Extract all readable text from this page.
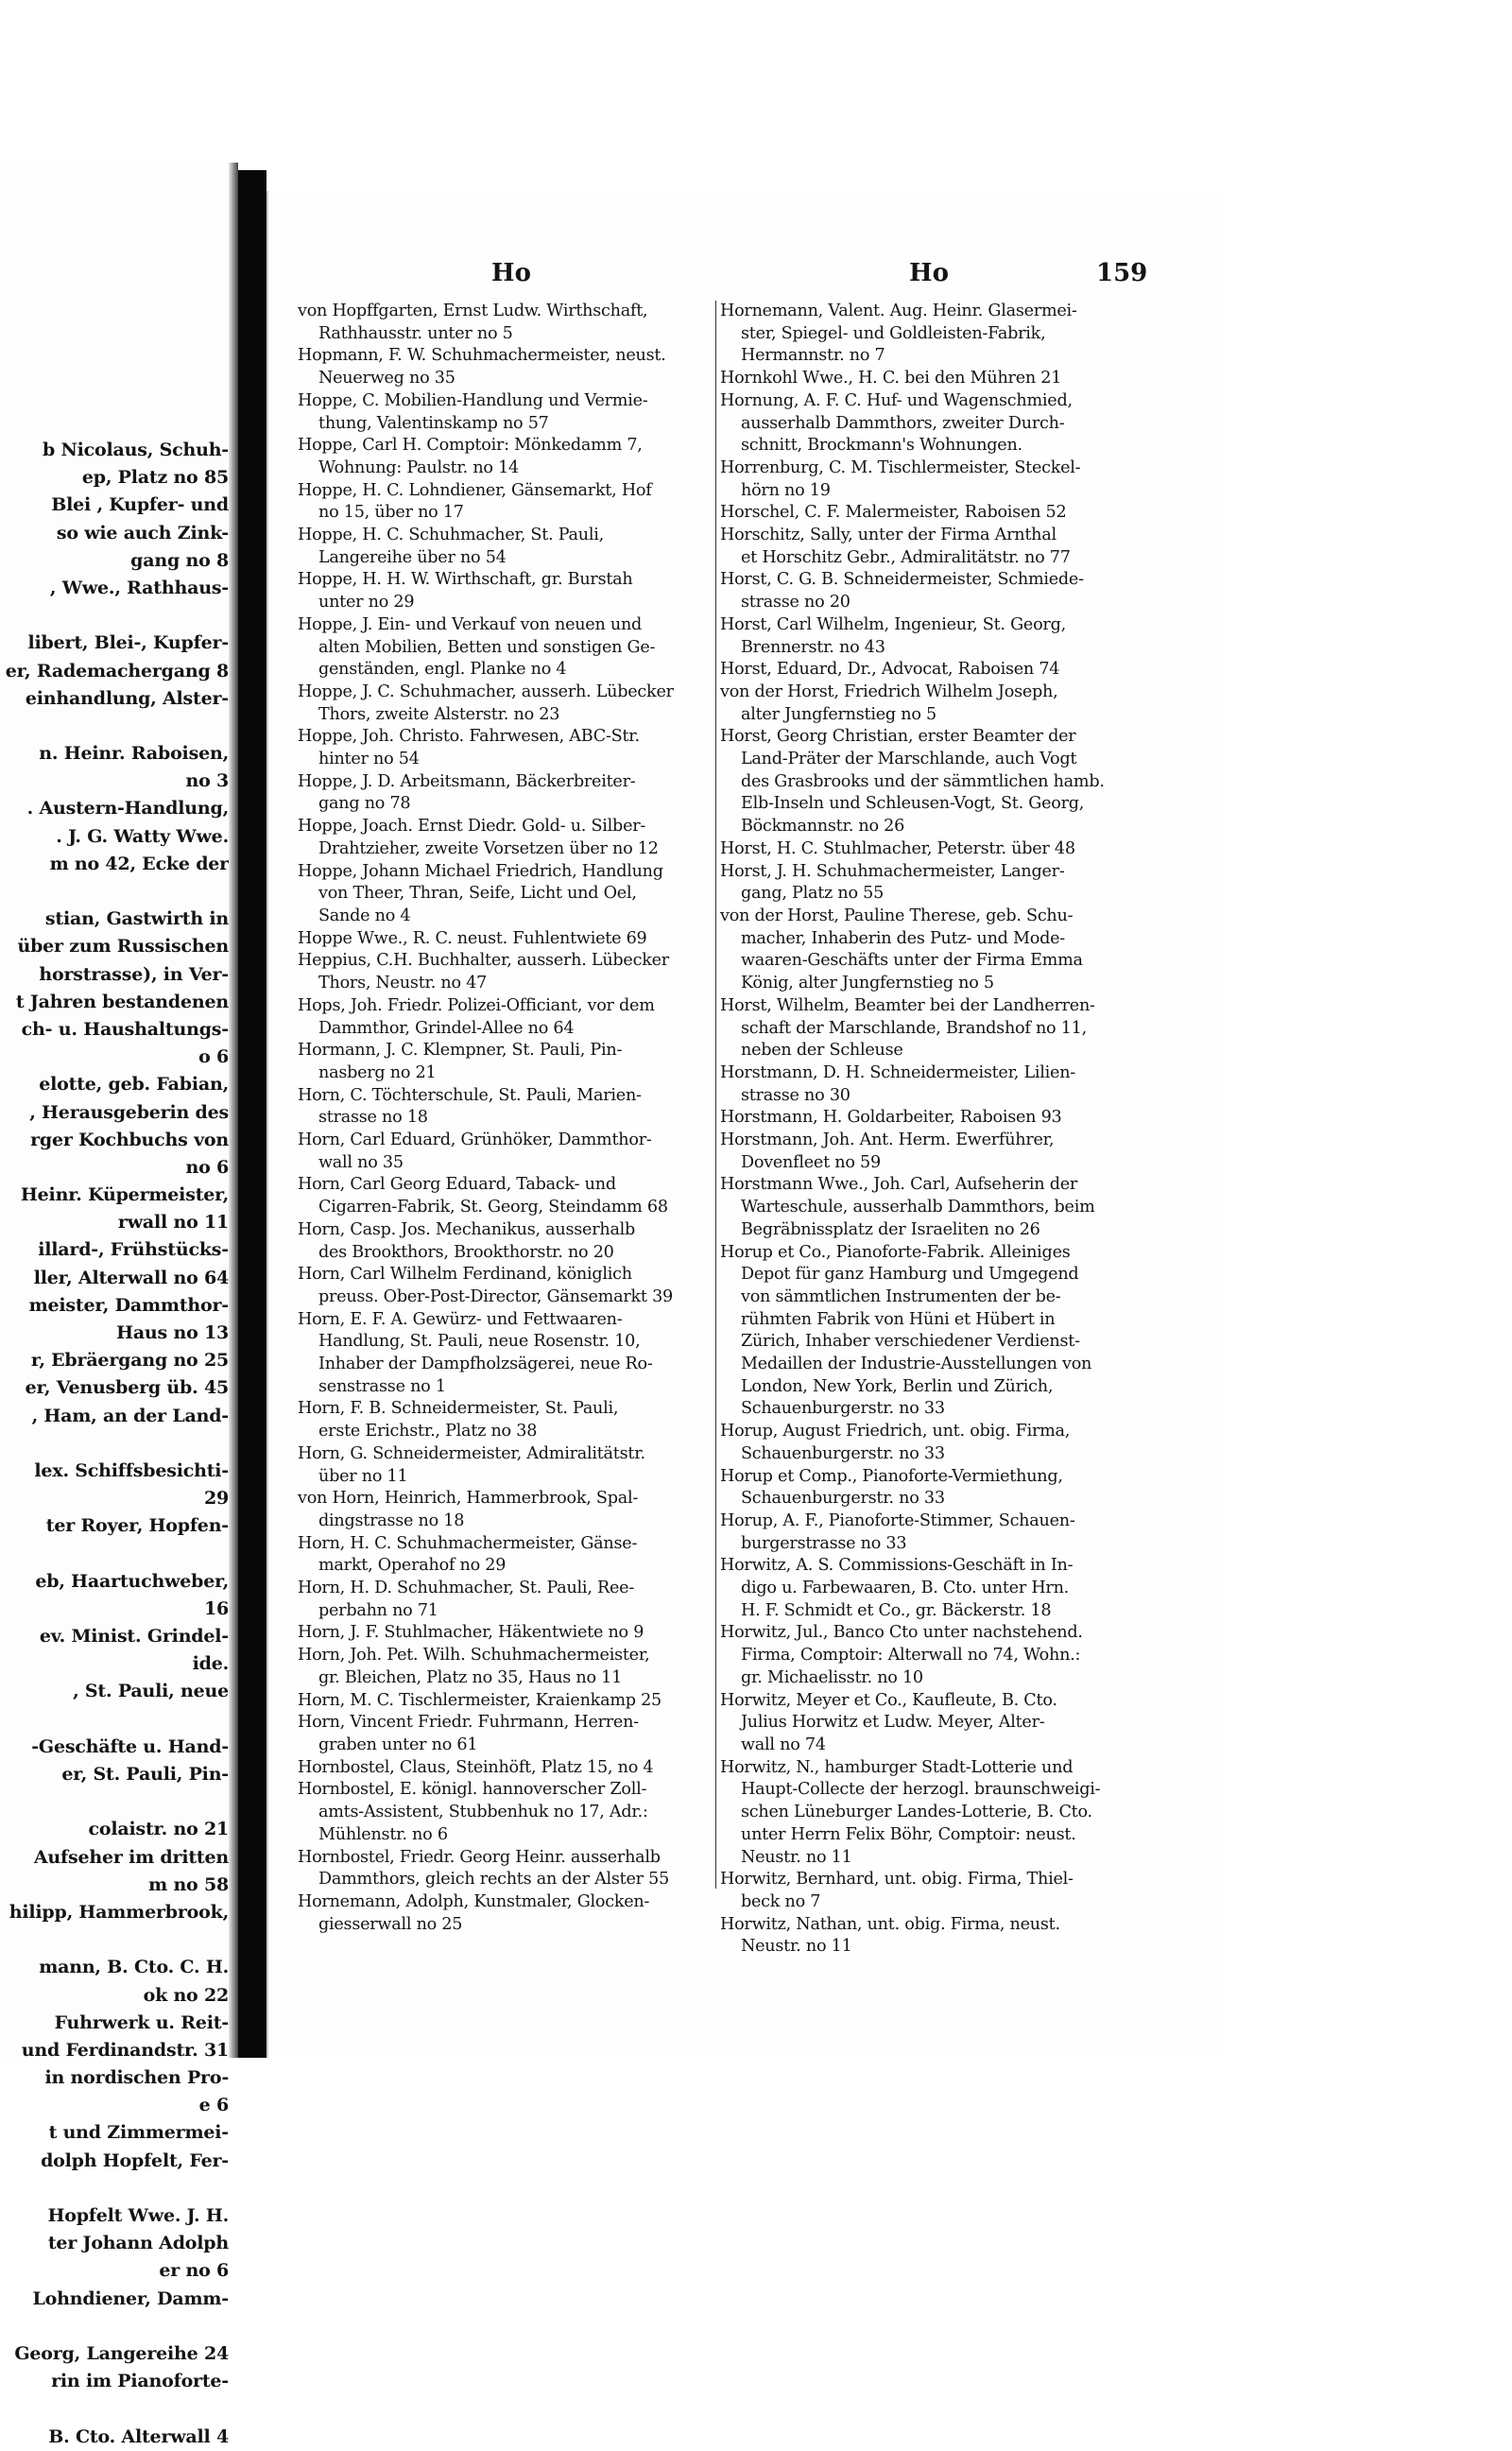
b Nicolaus, Schuh-
ep, Platz no 85
Blei , Kupfer- und
so wie auch Zink-
gang no 8
, Wwe., Rathhaus-
libert, Blei-, Kupfer-
er, Rademachergang 8
einhandlung, Alster-
n. Heinr. Raboisen,
no 3
. Austern-Handlung,
. J. G. Watty Wwe.
m no 42, Ecke der
stian, Gastwirth in
über zum Russischen
horstrasse), in Ver-
t Jahren bestandenen
ch- u. Haushaltungs-
o 6
elotte, geb. Fabian,
, Herausgeberin des
rger Kochbuchs von
no 6
Heinr. Küpermeister,
rwall no 11
illard-, Frühstücks-
ller, Alterwall no 64
meister, Dammthor-
Haus no 13
r, Ebräergang no 25
er, Venusberg üb. 45
, Ham, an der Land-
lex. Schiffsbesichti-
29
ter Royer, Hopfen-
eb, Haartuchweber,
16
ev. Minist. Grindel-
ide.
, St. Pauli, neue
-Geschäfte u. Hand-
er, St. Pauli, Pin-
colaistr. no 21
Aufseher im dritten
m no 58
hilipp, Hammerbrook,
mann, B. Cto. C. H.
ok no 22
Fuhrwerk u. Reit-
und Ferdinandstr. 31
in nordischen Pro-
e 6
t und Zimmermei-
dolph Hopfelt, Fer-
Hopfelt Wwe. J. H.
ter Johann Adolph
er no 6
Lohndiener, Damm-
Georg, Langereihe 24
rin im Pianoforte-
B. Cto. Alterwall 4
Ho	Ho	159
von Hopffgarten, Ernst Ludw. Wirthschaft,
Rathhausstr. unter no 5
Hopmann, F. W. Schuhmachermeister, neust.
Neuerweg no 35
Hoppe, C. Mobilien-Handlung und Vermie-
thung, Valentinskamp no 57
Hoppe, Carl H. Comptoir: Mönkedamm 7,
Wohnung: Paulstr. no 14
Hoppe, H. C. Lohndiener, Gänsemarkt, Hof
no 15, über no 17
Hoppe, H. C. Schuhmacher, St. Pauli,
Langereihe über no 54
Hoppe, H. H. W. Wirthschaft, gr. Burstah
unter no 29
Hoppe, J. Ein- und Verkauf von neuen und
alten Mobilien, Betten und sonstigen Ge-
genständen, engl. Planke no 4
Hoppe, J. C. Schuhmacher, ausserh. Lübecker
Thors, zweite Alsterstr. no 23
Hoppe, Joh. Christo. Fahrwesen, ABC-Str.
hinter no 54
Hoppe, J. D. Arbeitsmann, Bäckerbreiter-
gang no 78
Hoppe, Joach. Ernst Diedr. Gold- u. Silber-
Drahtzieher, zweite Vorsetzen über no 12
Hoppe, Johann Michael Friedrich, Handlung
von Theer, Thran, Seife, Licht und Oel,
Sande no 4
Hoppe Wwe., R. C. neust. Fuhlentwiete 69
Heppius, C.H. Buchhalter, ausserh. Lübecker
Thors, Neustr. no 47
Hops, Joh. Friedr. Polizei-Officiant, vor dem
Dammthor, Grindel-Allee no 64
Hormann, J. C. Klempner, St. Pauli, Pin-
nasberg no 21
Horn, C. Töchterschule, St. Pauli, Marien-
strasse no 18
Horn, Carl Eduard, Grünhöker, Dammthor-
wall no 35
Horn, Carl Georg Eduard, Taback- und
Cigarren-Fabrik, St. Georg, Steindamm 68
Horn, Casp. Jos. Mechanikus, ausserhalb
des Brookthors, Brookthorstr. no 20
Horn, Carl Wilhelm Ferdinand, königlich
preuss. Ober-Post-Director, Gänsemarkt 39
Horn, E. F. A. Gewürz- und Fettwaaren-
Handlung, St. Pauli, neue Rosenstr. 10,
Inhaber der Dampfholzsägerei, neue Ro-
senstrasse no 1
Horn, F. B. Schneidermeister, St. Pauli,
erste Erichstr., Platz no 38
Horn, G. Schneidermeister, Admiralitätstr.
über no 11
von Horn, Heinrich, Hammerbrook, Spal-
dingstrasse no 18
Horn, H. C. Schuhmachermeister, Gänse-
markt, Operahof no 29
Horn, H. D. Schuhmacher, St. Pauli, Ree-
perbahn no 71
Horn, J. F. Stuhlmacher, Häkentwiete no 9
Horn, Joh. Pet. Wilh. Schuhmachermeister,
gr. Bleichen, Platz no 35, Haus no 11
Horn, M. C. Tischlermeister, Kraienkamp 25
Horn, Vincent Friedr. Fuhrmann, Herren-
graben unter no 61
Hornbostel, Claus, Steinhöft, Platz 15, no 4
Hornbostel, E. königl. hannoverscher Zoll-
amts-Assistent, Stubbenhuk no 17, Adr.:
Mühlenstr. no 6
Hornbostel, Friedr. Georg Heinr. ausserhalb
Dammthors, gleich rechts an der Alster 55
Hornemann, Adolph, Kunstmaler, Glocken-
giesserwall no 25
Hornemann, Valent. Aug. Heinr. Glasermei-
ster, Spiegel- und Goldleisten-Fabrik,
Hermannstr. no 7
Hornkohl Wwe., H. C. bei den Mühren 21
Hornung, A. F. C. Huf- und Wagenschmied,
ausserhalb Dammthors, zweiter Durch-
schnitt, Brockmann's Wohnungen.
Horrenburg, C. M. Tischlermeister, Steckel-
hörn no 19
Horschel, C. F. Malermeister, Raboisen 52
Horschitz, Sally, unter der Firma Arnthal
et Horschitz Gebr., Admiralitätstr. no 77
Horst, C. G. B. Schneidermeister, Schmiede-
strasse no 20
Horst, Carl Wilhelm, Ingenieur, St. Georg,
Brennerstr. no 43
Horst, Eduard, Dr., Advocat, Raboisen 74
von der Horst, Friedrich Wilhelm Joseph,
alter Jungfernstieg no 5
Horst, Georg Christian, erster Beamter der
Land-Präter der Marschlande, auch Vogt
des Grasbrooks und der sämmtlichen hamb.
Elb-Inseln und Schleusen-Vogt, St. Georg,
Böckmannstr. no 26
Horst, H. C. Stuhlmacher, Peterstr. über 48
Horst, J. H. Schuhmachermeister, Langer-
gang, Platz no 55
von der Horst, Pauline Therese, geb. Schu-
macher, Inhaberin des Putz- und Mode-
waaren-Geschäfts unter der Firma Emma
König, alter Jungfernstieg no 5
Horst, Wilhelm, Beamter bei der Landherren-
schaft der Marschlande, Brandshof no 11,
neben der Schleuse
Horstmann, D. H. Schneidermeister, Lilien-
strasse no 30
Horstmann, H. Goldarbeiter, Raboisen 93
Horstmann, Joh. Ant. Herm. Ewerführer,
Dovenfleet no 59
Horstmann Wwe., Joh. Carl, Aufseherin der
Warteschule, ausserhalb Dammthors, beim
Begräbnissplatz der Israeliten no 26
Horup et Co., Pianoforte-Fabrik. Alleiniges
Depot für ganz Hamburg und Umgegend
von sämmtlichen Instrumenten der be-
rühmten Fabrik von Hüni et Hübert in
Zürich, Inhaber verschiedener Verdienst-
Medaillen der Industrie-Ausstellungen von
London, New York, Berlin und Zürich,
Schauenburgerstr. no 33
Horup, August Friedrich, unt. obig. Firma,
Schauenburgerstr. no 33
Horup et Comp., Pianoforte-Vermiethung,
Schauenburgerstr. no 33
Horup, A. F., Pianoforte-Stimmer, Schauen-
burgerstrasse no 33
Horwitz, A. S. Commissions-Geschäft in In-
digo u. Farbewaaren, B. Cto. unter Hrn.
H. F. Schmidt et Co., gr. Bäckerstr. 18
Horwitz, Jul., Banco Cto unter nachstehend.
Firma, Comptoir: Alterwall no 74, Wohn.:
gr. Michaelisstr. no 10
Horwitz, Meyer et Co., Kaufleute, B. Cto.
Julius Horwitz et Ludw. Meyer, Alter-
wall no 74
Horwitz, N., hamburger Stadt-Lotterie und
Haupt-Collecte der herzogl. braunschweigi-
schen Lüneburger Landes-Lotterie, B. Cto.
unter Herrn Felix Böhr, Comptoir: neust.
Neustr. no 11
Horwitz, Bernhard, unt. obig. Firma, Thiel-
beck no 7
Horwitz, Nathan, unt. obig. Firma, neust.
Neustr. no 11
